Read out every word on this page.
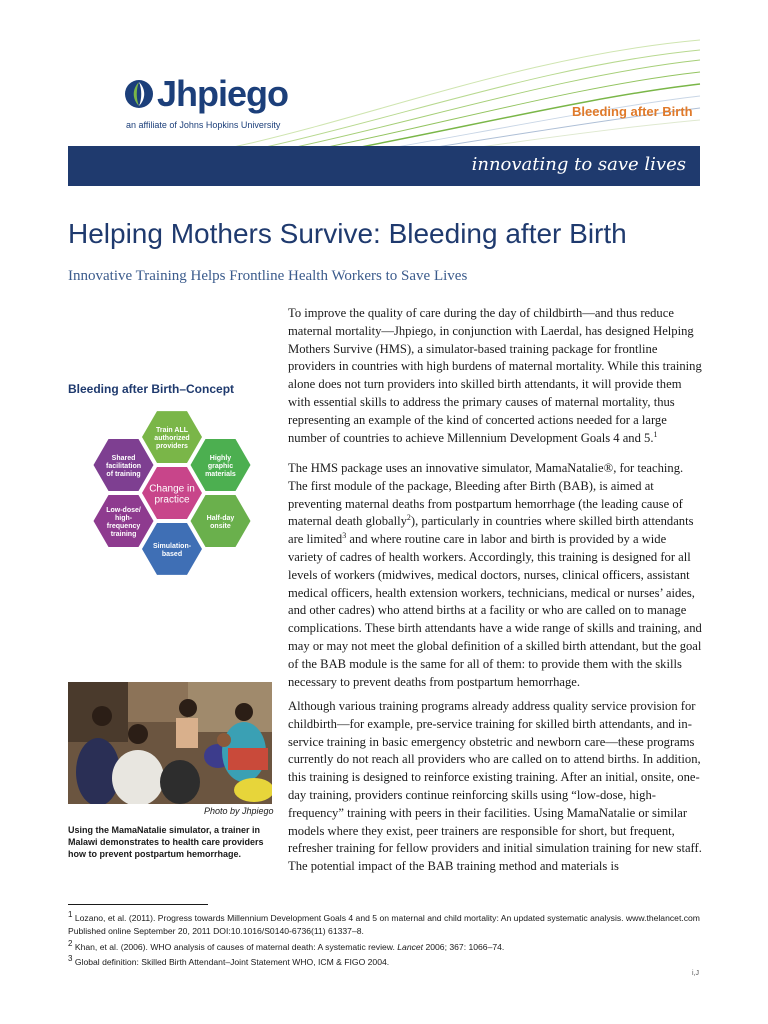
Jhpiego
an affiliate of Johns Hopkins University
Bleeding after Birth
innovating to save lives
Helping Mothers Survive: Bleeding after Birth
Innovative Training Helps Frontline Health Workers to Save Lives

To improve the quality of care during the day of childbirth—and thus reduce maternal mortality—Jhpiego, in conjunction with Laerdal, has designed Helping Mothers Survive (HMS), a simulator-based training package for frontline providers in countries with high burdens of maternal mortality. While this training alone does not turn providers into skilled birth attendants, it will provide them with essential skills to address the primary causes of maternal mortality, thus representing an example of the kind of concerted actions needed for a large number of countries to achieve Millennium Development Goals 4 and 5.$^1$

The HMS package uses an innovative simulator, MamaNatalie®, for teaching. The first module of the package, Bleeding after Birth (BAB), is aimed at preventing maternal deaths from postpartum hemorrhage (the leading cause of maternal death globally$^2$), particularly in countries where skilled birth attendants are limited$^3$ and where routine care in labor and birth is provided by a wide variety of cadres of health workers. Accordingly, this training is designed for all levels of workers (midwives, medical doctors, nurses, clinical officers, assistant medical officers, health extension workers, technicians, medical or nurses’ aides, and other cadres) who attend births at a facility or who are called on to manage complications. These birth attendants have a wide range of skills and training, and may or may not meet the global definition of a skilled birth attendant, but the goal of the BAB module is the same for all of them: to provide them with the skills necessary to prevent deaths from postpartum hemorrhage.

Although various training programs already address quality service provision for childbirth—for example, pre-service training for skilled birth attendants, and in-service training in basic emergency obstetric and newborn care—these programs currently do not reach all providers who are called on to attend births. In addition, this training is designed to reinforce existing training. After an initial, onsite, one-day training, providers continue reinforcing skills using “low-dose, high-frequency” training with peers in their facilities. Using MamaNatalie or similar models where they exist, peer trainers are responsible for short, but frequent, refresher training for fellow providers and initial simulation training for new staff. The potential impact of the BAB training method and materials is

Bleeding after Birth–Concept
Train ALL
authorized
providers
Highly
graphic
materials
Half-day
onsite
Simulation-
based
Low-dose/
high-
frequency
training
Shared
facilitation
of training
Change in
practice
Photo by Jhpiego
Using the MamaNatalie simulator, a trainer in Malawi demonstrates to health care providers how to prevent postpartum hemorrhage.
$^1$ Lozano, et al. (2011). Progress towards Millennium Development Goals 4 and 5 on maternal and child mortality: An updated systematic analysis. www.thelancet.com Published online September 20, 2011 DOI:10.1016/S0140-6736(11) 61337–8.
$^2$ Khan, et al. (2006). WHO analysis of causes of maternal death: A systematic review. Lancet 2006; 367: 1066–74.
$^3$ Global definition: Skilled Birth Attendant–Joint Statement WHO, ICM & FIGO 2004.
i,J
